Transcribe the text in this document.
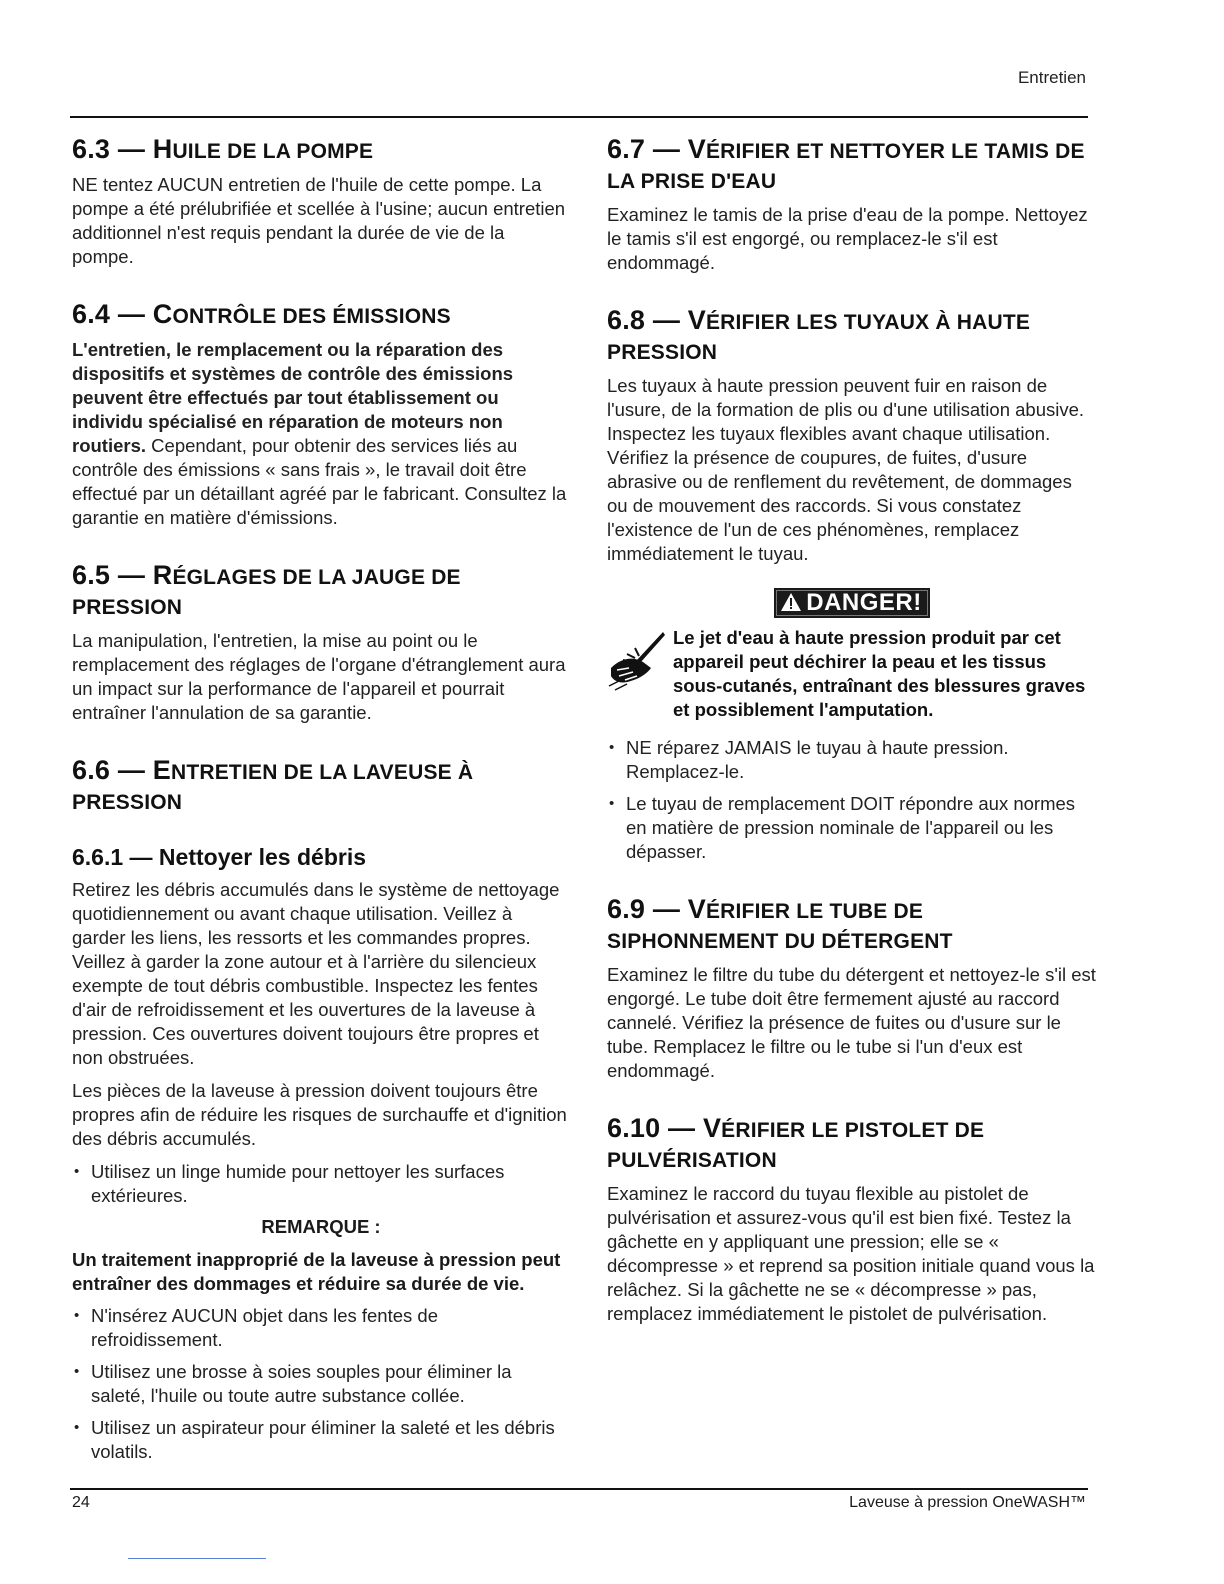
Entretien
6.3 — HUILE DE LA POMPE

NE tentez AUCUN entretien de l'huile de cette pompe. La pompe a été prélubrifiée et scellée à l'usine; aucun entretien additionnel n'est requis pendant la durée de vie de la pompe.

6.4 — CONTRÔLE DES ÉMISSIONS

L'entretien, le remplacement ou la réparation des dispositifs et systèmes de contrôle des émissions peuvent être effectués par tout établissement ou individu spécialisé en réparation de moteurs non routiers. Cependant, pour obtenir des services liés au contrôle des émissions « sans frais », le travail doit être effectué par un détaillant agréé par le fabricant. Consultez la garantie en matière d'émissions.

6.5 — RÉGLAGES DE LA JAUGE DE PRESSION

La manipulation, l'entretien, la mise au point ou le remplacement des réglages de l'organe d'étranglement aura un impact sur la performance de l'appareil et pourrait entraîner l'annulation de sa garantie.

6.6 — ENTRETIEN DE LA LAVEUSE À PRESSION
6.6.1 — Nettoyer les débris

Retirez les débris accumulés dans le système de nettoyage quotidiennement ou avant chaque utilisation. Veillez à garder les liens, les ressorts et les commandes propres. Veillez à garder la zone autour et à l'arrière du silencieux exempte de tout débris combustible. Inspectez les fentes d'air de refroidissement et les ouvertures de la laveuse à pression. Ces ouvertures doivent toujours être propres et non obstruées.

Les pièces de la laveuse à pression doivent toujours être propres afin de réduire les risques de surchauffe et d'ignition des débris accumulés.

• Utilisez un linge humide pour nettoyer les surfaces extérieures.
REMARQUE :
Un traitement inapproprié de la laveuse à pression peut entraîner des dommages et réduire sa durée de vie.
• N'insérez AUCUN objet dans les fentes de refroidissement.
• Utilisez une brosse à soies souples pour éliminer la saleté, l'huile ou toute autre substance collée.
• Utilisez un aspirateur pour éliminer la saleté et les débris volatils.
6.7 — VÉRIFIER ET NETTOYER LE TAMIS DE LA PRISE D'EAU

Examinez le tamis de la prise d'eau de la pompe. Nettoyez le tamis s'il est engorgé, ou remplacez-le s'il est endommagé.

6.8 — VÉRIFIER LES TUYAUX À HAUTE PRESSION

Les tuyaux à haute pression peuvent fuir en raison de l'usure, de la formation de plis ou d'une utilisation abusive. Inspectez les tuyaux flexibles avant chaque utilisation. Vérifiez la présence de coupures, de fuites, d'usure abrasive ou de renflement du revêtement, de dommages ou de mouvement des raccords. Si vous constatez l'existence de l'un de ces phénomènes, remplacez immédiatement le tuyau.

DANGER!
Le jet d'eau à haute pression produit par cet appareil peut déchirer la peau et les tissus sous-cutanés, entraînant des blessures graves et possiblement l'amputation.
• NE réparez JAMAIS le tuyau à haute pression. Remplacez-le.
• Le tuyau de remplacement DOIT répondre aux normes en matière de pression nominale de l'appareil ou les dépasser.
6.9 — VÉRIFIER LE TUBE DE SIPHONNEMENT DU DÉTERGENT

Examinez le filtre du tube du détergent et nettoyez-le s'il est engorgé. Le tube doit être fermement ajusté au raccord cannelé. Vérifiez la présence de fuites ou d'usure sur le tube. Remplacez le filtre ou le tube si l'un d'eux est endommagé.

6.10 — VÉRIFIER LE PISTOLET DE PULVÉRISATION

Examinez le raccord du tuyau flexible au pistolet de pulvérisation et assurez-vous qu'il est bien fixé. Testez la gâchette en y appliquant une pression; elle se « décompresse » et reprend sa position initiale quand vous la relâchez. Si la gâchette ne se « décompresse » pas, remplacez immédiatement le pistolet de pulvérisation.

24	Laveuse à pression OneWASH™
